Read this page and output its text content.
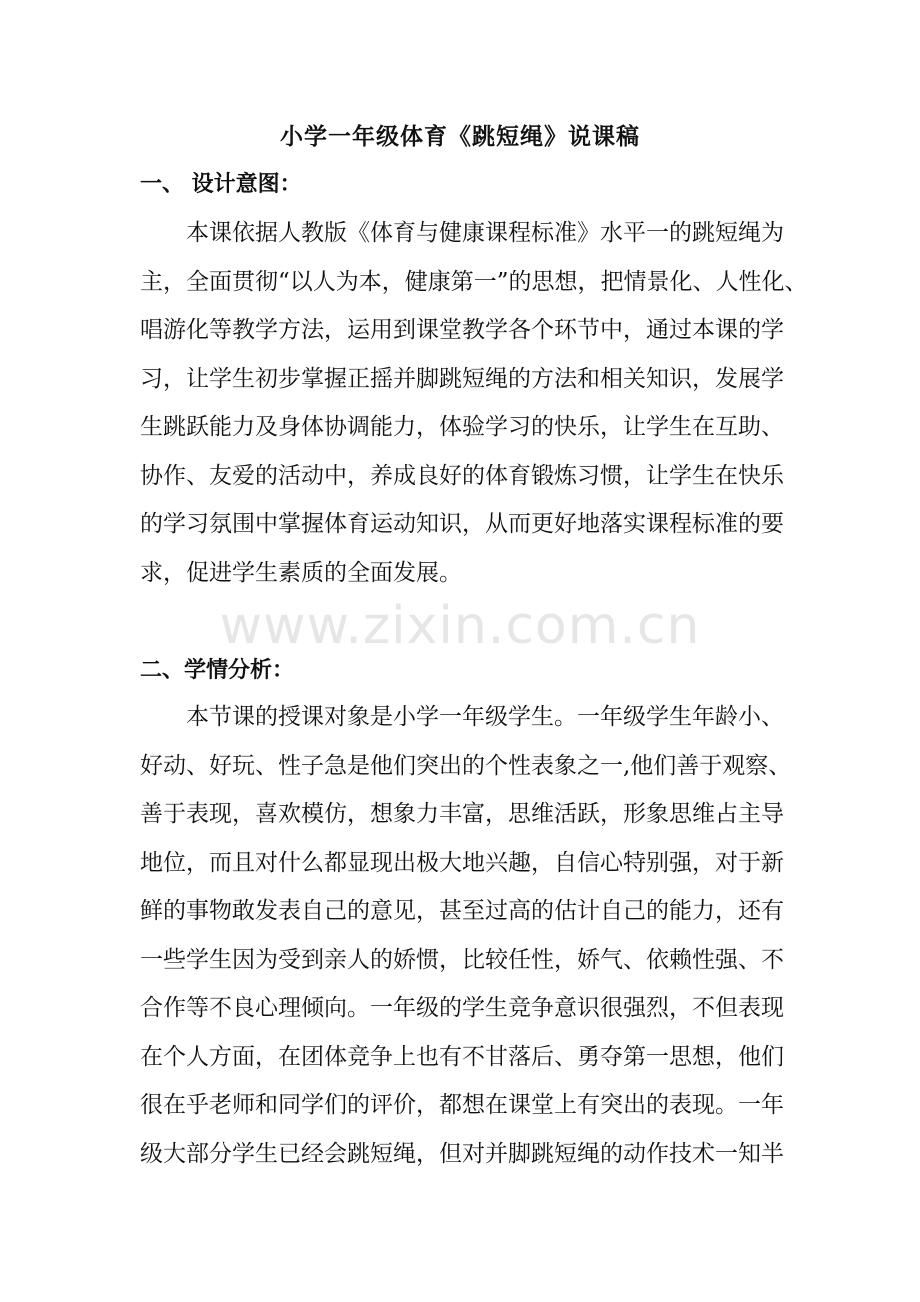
小学一年级体育《跳短绳》说课稿
一、 设计意图：
本课依据人教版《体育与健康课程标准》水平一的跳短绳为
主，全面贯彻“以人为本，健康第一”的思想，把情景化、人性化、
唱游化等教学方法，运用到课堂教学各个环节中，通过本课的学
习，让学生初步掌握正摇并脚跳短绳的方法和相关知识，发展学
生跳跃能力及身体协调能力，体验学习的快乐，让学生在互助、
协作、友爱的活动中，养成良好的体育锻炼习惯，让学生在快乐
的学习氛围中掌握体育运动知识，从而更好地落实课程标准的要
求，促进学生素质的全面发展。
www.zixin.com.cn
二、学情分析：
本节课的授课对象是小学一年级学生。一年级学生年龄小、
好动、好玩、性子急是他们突出的个性表象之一,他们善于观察、
善于表现，喜欢模仿，想象力丰富，思维活跃，形象思维占主导
地位，而且对什么都显现出极大地兴趣，自信心特别强，对于新
鲜的事物敢发表自己的意见，甚至过高的估计自己的能力，还有
一些学生因为受到亲人的娇惯，比较任性，娇气、依赖性强、不
合作等不良心理倾向。一年级的学生竞争意识很强烈，不但表现
在个人方面，在团体竞争上也有不甘落后、勇夺第一思想，他们
很在乎老师和同学们的评价，都想在课堂上有突出的表现。一年
级大部分学生已经会跳短绳，但对并脚跳短绳的动作技术一知半
